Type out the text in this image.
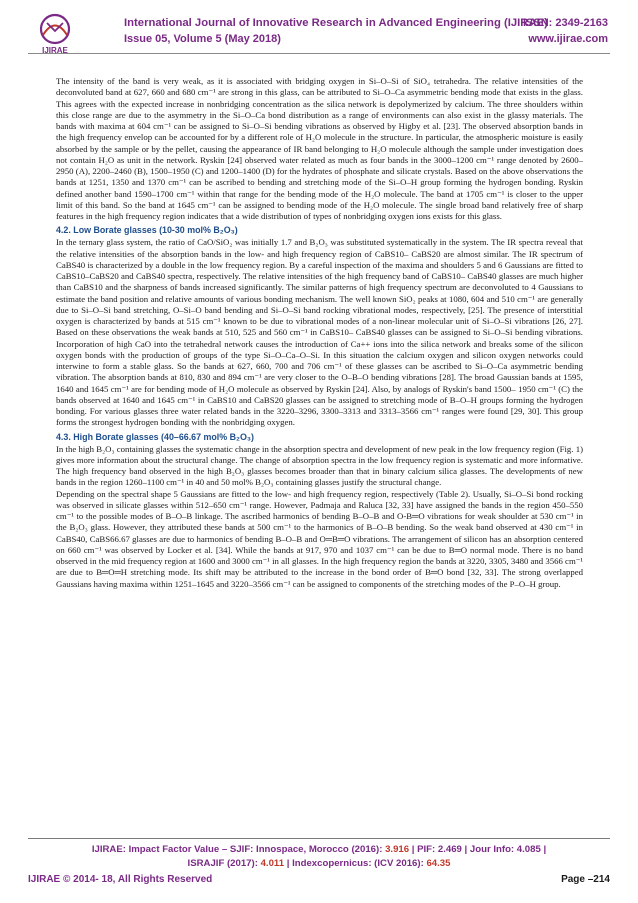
IJIRAE
International Journal of Innovative Research in Advanced Engineering (IJIRAE)
ISSN: 2349-2163
Issue 05, Volume 5 (May 2018)	www.ijirae.com

The intensity of the band is very weak, as it is associated with bridging oxygen in Si–O–Si of SiO₄ tetrahedra. The relative intensities of the deconvoluted band at 627, 660 and 680 cm⁻¹ are strong in this glass, can be attributed to Si–O–Ca asymmetric bending mode that exists in the glass. This agrees with the expected increase in nonbridging concentration as the silica network is depolymerized by calcium. The three shoulders within this close range are due to the asymmetry in the Si–O–Ca bond distribution as a range of environments can also exist in the glassy materials. The bands with maxima at 604 cm⁻¹ can be assigned to Si–O–Si bending vibrations as observed by Higby et al. [23]. The observed absorption bands in the high frequency envelop can be accounted for by a different role of H₂O molecule in the structure. In particular, the atmospheric moisture is easily absorbed by the sample or by the pellet, causing the appearance of IR band belonging to H₂O molecule although the sample under investigation does not contain H₂O as unit in the network. Ryskin [24] observed water related as much as four bands in the 3000–1200 cm⁻¹ range denoted by 2600–2950 (A), 2200–2460 (B), 1500–1950 (C) and 1200–1400 (D) for the hydrates of phosphate and silicate crystals. Based on the above observations the bands at 1251, 1350 and 1370 cm⁻¹ can be ascribed to bending and stretching mode of the Si–O–H group forming the hydrogen bonding. Ryskin defined another band 1590–1700 cm⁻¹ within that range for the bending mode of the H₂O molecule. The band at 1705 cm⁻¹ is closer to the upper limit of this band. So the band at 1645 cm⁻¹ can be assigned to bending mode of the H₂O molecule. The single broad band relatively free of sharp features in the high frequency region indicates that a wide distribution of types of nonbridging oxygen ions exists for this glass.

4.2. Low Borate glasses (10-30 mol% B₂O₃)

In the ternary glass system, the ratio of CaO/SiO₂ was initially 1.7 and B₂O₃ was substituted systematically in the system. The IR spectra reveal that the relative intensities of the absorption bands in the low- and high frequency region of CaBS10– CaBS20 are almost similar. The IR spectrum of CaBS40 is characterized by a double in the low frequency region. By a careful inspection of the maxima and shoulders 5 and 6 Gaussians are fitted to CaBS10–CaBS20 and CaBS40 spectra, respectively. The relative intensities of the high frequency band of CaBS10– CaBS40 glasses are much higher than CaBS10 and the sharpness of bands increased significantly. The similar patterns of high frequency spectrum are deconvoluted to 4 Gaussians to estimate the band position and relative amounts of various bonding mechanism. The well known SiO₂ peaks at 1080, 604 and 510 cm⁻¹ are generally due to Si–O–Si band stretching, O–Si–O band bending and Si–O–Si band rocking vibrational modes, respectively, [25]. The presence of interstitial oxygen is characterized by bands at 515 cm⁻¹ known to be due to vibrational modes of a non-linear molecular unit of Si–O–Si vibrations [26, 27]. Based on these observations the weak bands at 510, 525 and 560 cm⁻¹ in CaBS10– CaBS40 glasses can be assigned to Si–O–Si bending vibrations. Incorporation of high CaO into the tetrahedral network causes the introduction of Ca++ ions into the silica network and breaks some of the silicon oxygen bonds with the production of groups of the type Si–O–Ca–O–Si. In this situation the calcium oxygen and silicon oxygen networks could interwine to form a stable glass. So the bands at 627, 660, 700 and 706 cm⁻¹ of these glasses can be ascribed to Si–O–Ca asymmetric bending vibration. The absorption bands at 810, 830 and 894 cm⁻¹ are very closer to the O–B–O bending vibrations [28]. The broad Gaussian bands at 1595, 1640 and 1645 cm⁻¹ are for bending mode of H₂O molecule as observed by Ryskin [24]. Also, by analogs of Ryskin's band 1500– 1950 cm⁻¹ (C) the bands observed at 1640 and 1645 cm⁻¹ in CaBS10 and CaBS20 glasses can be assigned to stretching mode of B–O–H groups forming the hydrogen bonding. For various glasses three water related bands in the 3220–3296, 3300–3313 and 3313–3566 cm⁻¹ ranges were found [29, 30]. This group forms the strongest hydrogen bonding with the nonbridging oxygen.

4.3. High Borate glasses (40–66.67 mol% B₂O₃)

In the high B₂O₃ containing glasses the systematic change in the absorption spectra and development of new peak in the low frequency region (Fig. 1) gives more information about the structural change. The change of absorption spectra in the low frequency region is systematic and more informative. The high frequency band observed in the high B₂O₃ glasses becomes broader than that in binary calcium silica glasses. The developments of new bands in the region 1260–1100 cm⁻¹ in 40 and 50 mol% B₂O₃ containing glasses justify the structural change.

Depending on the spectral shape 5 Gaussians are fitted to the low- and high frequency region, respectively (Table 2). Usually, Si–O–Si bond rocking was observed in silicate glasses within 512–650 cm⁻¹ range. However, Padmaja and Raluca [32, 33] have assigned the bands in the region 450–550 cm⁻¹ to the possible modes of B–O–B linkage. The ascribed harmonics of bending B–O–B and O-B═O vibrations for weak shoulder at 530 cm⁻¹ in the B₂O₃ glass. However, they attributed these bands at 500 cm⁻¹ to the harmonics of B–O–B bending. So the weak band observed at 430 cm⁻¹ in CaBS40, CaBS66.67 glasses are due to harmonics of bending B–O–B and O═B═O vibrations. The arrangement of silicon has an absorption centered on 660 cm⁻¹ was observed by Locker et al. [34]. While the bands at 917, 970 and 1037 cm⁻¹ can be due to B═O normal mode. There is no band observed in the mid frequency region at 1600 and 3000 cm⁻¹ in all glasses. In the high frequency region the bands at 3220, 3305, 3480 and 3566 cm⁻¹ are due to B═O═H stretching mode. Its shift may be attributed to the increase in the bond order of B═O bond [32, 33]. The strong overlapped Gaussians having maxima within 1251–1645 and 3220–3566 cm⁻¹ can be assigned to components of the stretching modes of the P–O–H group.

IJIRAE: Impact Factor Value – SJIF: Innospace, Morocco (2016): 3.916 | PIF: 2.469 | Jour Info: 4.085 |
ISRAJIF (2017): 4.011 | Indexcopernicus: (ICV 2016): 64.35
IJIRAE © 2014- 18, All Rights Reserved	Page –214
